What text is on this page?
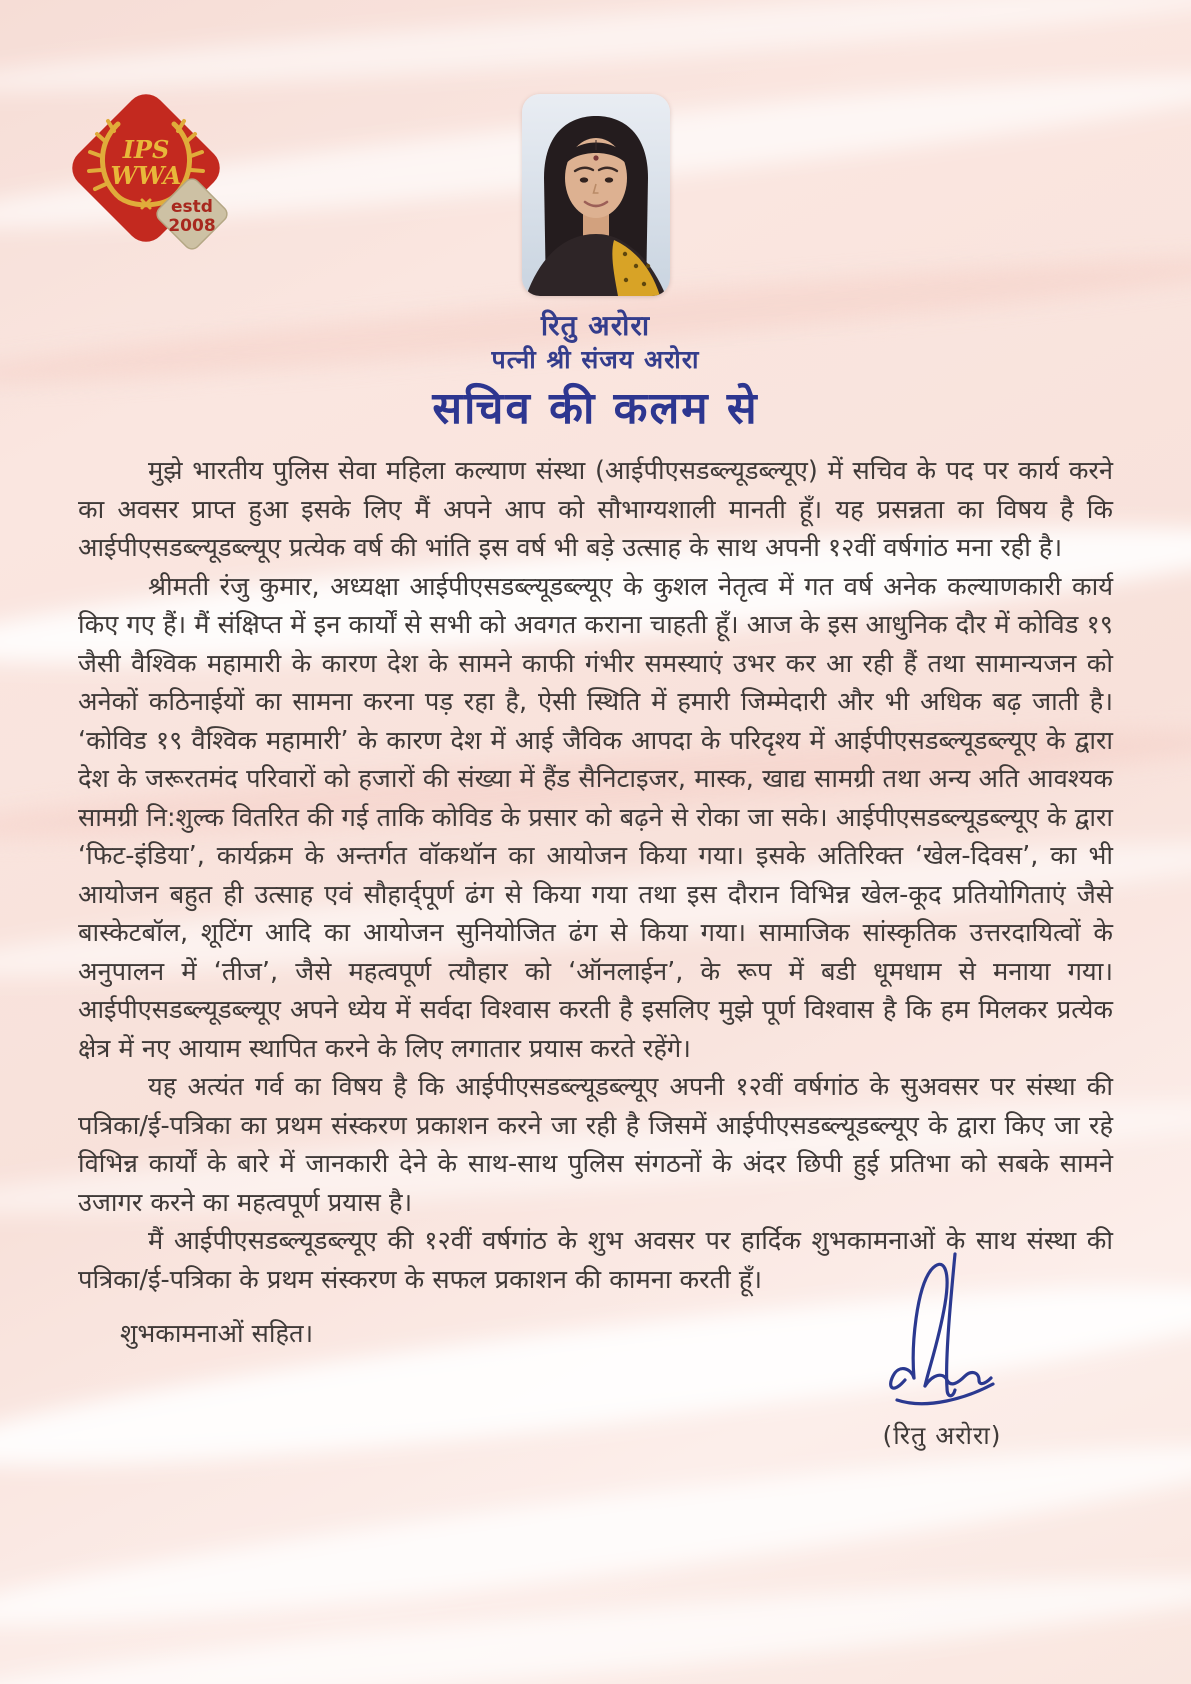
IPS
WWA
estd
2008
रितु अरोरा
पत्नी श्री संजय अरोरा
सचिव की कलम से

मुझे भारतीय पुलिस सेवा महिला कल्याण संस्था (आईपीएसडब्ल्यूडब्ल्यूए) में सचिव के पद पर कार्य करने का अवसर प्राप्त हुआ इसके लिए मैं अपने आप को सौभाग्यशाली मानती हूँ। यह प्रसन्नता का विषय है कि आईपीएसडब्ल्यूडब्ल्यूए प्रत्येक वर्ष की भांति इस वर्ष भी बड़े उत्साह के साथ अपनी १२वीं वर्षगांठ मना रही है।

श्रीमती रंजु कुमार, अध्यक्षा आईपीएसडब्ल्यूडब्ल्यूए के कुशल नेतृत्व में गत वर्ष अनेक कल्याणकारी कार्य किए गए हैं। मैं संक्षिप्त में इन कार्यों से सभी को अवगत कराना चाहती हूँ। आज के इस आधुनिक दौर में कोविड १९ जैसी वैश्विक महामारी के कारण देश के सामने काफी गंभीर समस्याएं उभर कर आ रही हैं तथा सामान्यजन को अनेकों कठिनाईयों का सामना करना पड़ रहा है, ऐसी स्थिति में हमारी जिम्मेदारी और भी अधिक बढ़ जाती है। ‘कोविड १९ वैश्विक महामारी’ के कारण देश में आई जैविक आपदा के परिदृश्य में आईपीएसडब्ल्यूडब्ल्यूए के द्वारा देश के जरूरतमंद परिवारों को हजारों की संख्या में हैंड सैनिटाइजर, मास्क, खाद्य सामग्री तथा अन्य अति आवश्यक सामग्री नि:शुल्क वितरित की गई ताकि कोविड के प्रसार को बढ़ने से रोका जा सके। आईपीएसडब्ल्यूडब्ल्यूए के द्वारा ‘फिट-इंडिया’, कार्यक्रम के अन्तर्गत वॉकथॉन का आयोजन किया गया। इसके अतिरिक्त ‘खेल-दिवस’, का भी आयोजन बहुत ही उत्साह एवं सौहार्द्पूर्ण ढंग से किया गया तथा इस दौरान विभिन्न खेल-कूद प्रतियोगिताएं जैसे बास्केटबॉल, शूटिंग आदि का आयोजन सुनियोजित ढंग से किया गया। सामाजिक सांस्कृतिक उत्तरदायित्वों के अनुपालन में ‘तीज’, जैसे महत्वपूर्ण त्यौहार को ‘ऑनलाईन’, के रूप में बडी धूमधाम से मनाया गया। आईपीएसडब्ल्यूडब्ल्यूए अपने ध्येय में सर्वदा विश्वास करती है इसलिए मुझे पूर्ण विश्वास है कि हम मिलकर प्रत्येक क्षेत्र में नए आयाम स्थापित करने के लिए लगातार प्रयास करते रहेंगे।

यह अत्यंत गर्व का विषय है कि आईपीएसडब्ल्यूडब्ल्यूए अपनी १२वीं वर्षगांठ के सुअवसर पर संस्था की पत्रिका/ई-पत्रिका का प्रथम संस्करण प्रकाशन करने जा रही है जिसमें आईपीएसडब्ल्यूडब्ल्यूए के द्वारा किए जा रहे विभिन्न कार्यों के बारे में जानकारी देने के साथ-साथ पुलिस संगठनों के अंदर छिपी हुई प्रतिभा को सबके सामने उजागर करने का महत्वपूर्ण प्रयास है।

मैं आईपीएसडब्ल्यूडब्ल्यूए की १२वीं वर्षगांठ के शुभ अवसर पर हार्दिक शुभकामनाओं के साथ संस्था की पत्रिका/ई-पत्रिका के प्रथम संस्करण के सफल प्रकाशन की कामना करती हूँ।

शुभकामनाओं सहित।

(रितु अरोरा)
